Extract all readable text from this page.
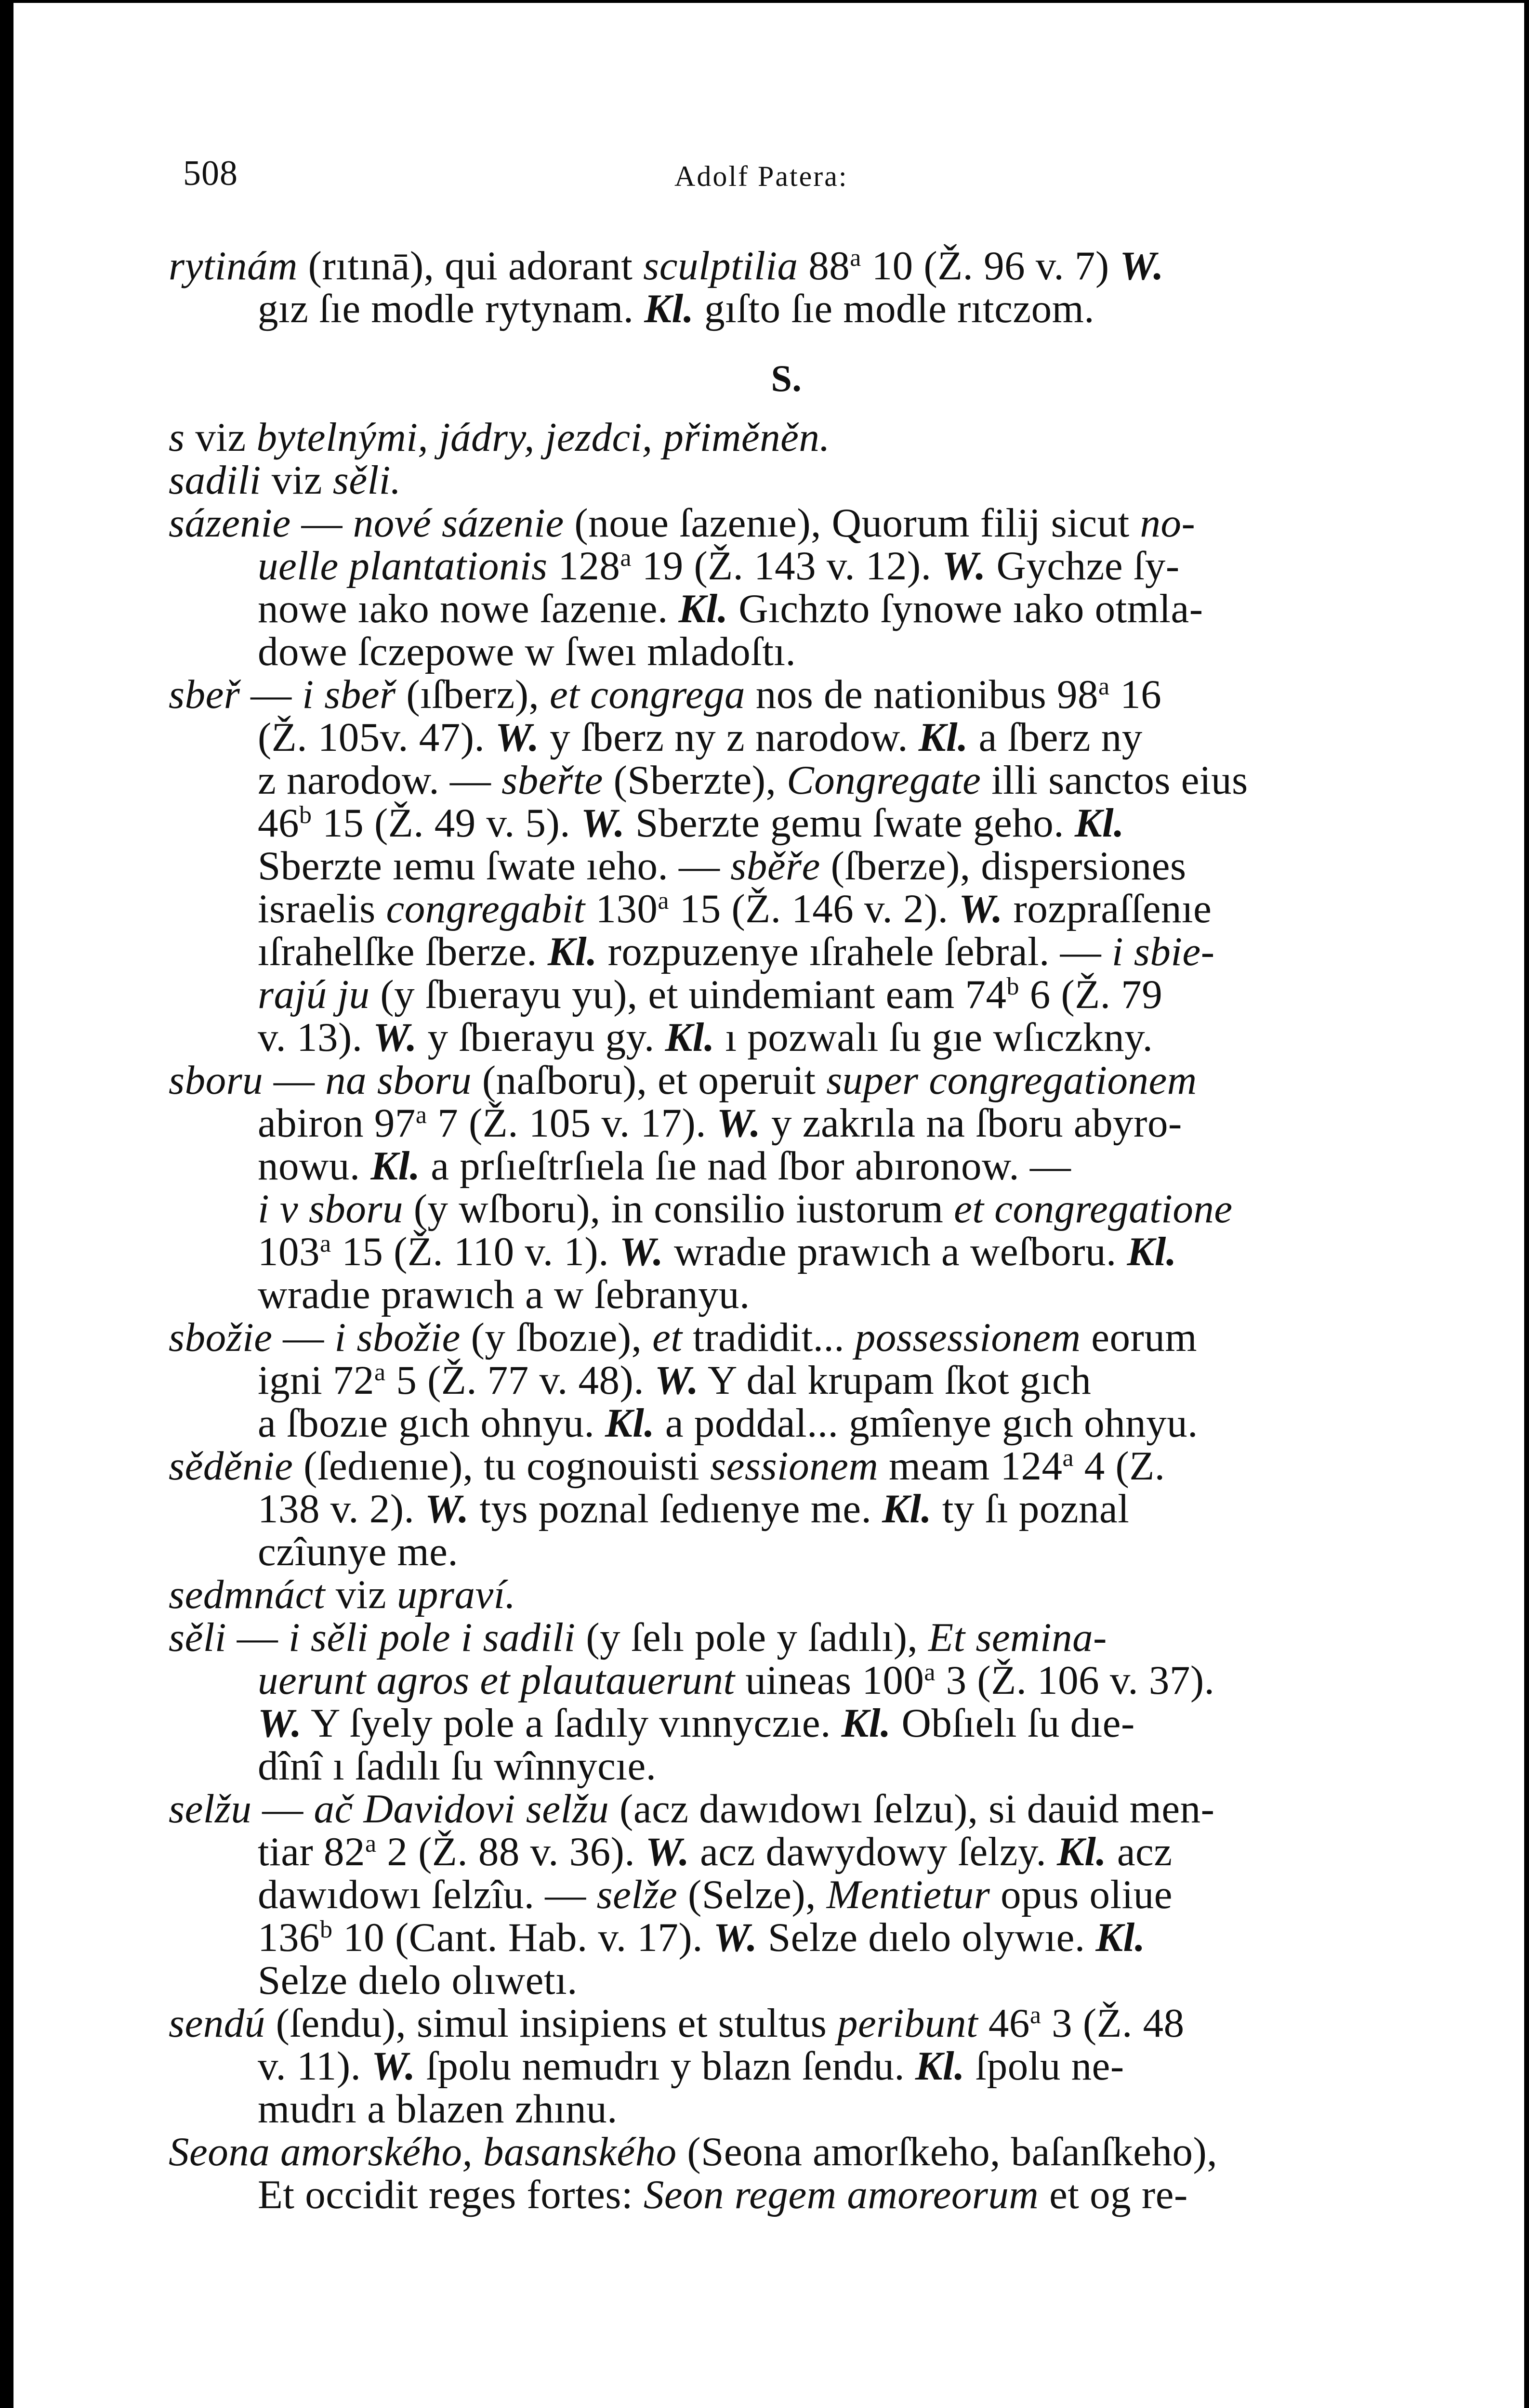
508	Adolf Patera:
rytinám (rıtınā), qui adorant sculptilia 88$^a$ 10 (Ž. 96 v. 7) W.
gız ſıe modle rytynam. Kl. gıſto ſıe modle rıtczom.
S.
s viz bytelnými, jádry, jezdci, přiměněn.
sadili viz sěli.
sázenie — nové sázenie (noue ſazenıe), Quorum filij sicut no-
uelle plantationis 128$^a$ 19 (Ž. 143 v. 12). W. Gychze ſy-
nowe ıako nowe ſazenıe. Kl. Gıchzto ſynowe ıako otmla-
dowe ſczepowe w ſweı mladoſtı.
sbeř — i sbeř (ıſberz), et congrega nos de nationibus 98$^a$ 16
(Ž. 105v. 47). W. y ſberz ny z narodow. Kl. a ſberz ny
z narodow. — sbeřte (Sberzte), Congregate illi sanctos eius
46$^b$ 15 (Ž. 49 v. 5). W. Sberzte gemu ſwate geho. Kl.
Sberzte ıemu ſwate ıeho. — sběře (ſberze), dispersiones
israelis congregabit 130$^a$ 15 (Ž. 146 v. 2). W. rozpraſſenıe
ıſrahelſke ſberze. Kl. rozpuzenye ıſrahele ſebral. — i sbie-
rajú ju (y ſbıerayu yu), et uindemiant eam 74$^b$ 6 (Ž. 79
v. 13). W. y ſbıerayu gy. Kl. ı pozwalı ſu gıe wſıczkny.
sboru — na sboru (naſboru), et operuit super congregationem
abiron 97$^a$ 7 (Ž. 105 v. 17). W. y zakrıla na ſboru abyro-
nowu. Kl. a prſıeſtrſıela ſıe nad ſbor abıronow. —
i v sboru (y wſboru), in consilio iustorum et congregatione
103$^a$ 15 (Ž. 110 v. 1). W. wradıe prawıch a weſboru. Kl.
wradıe prawıch a w ſebranyu.
sbožie — i sbožie (y ſbozıe), et tradidit... possessionem eorum
igni 72$^a$ 5 (Ž. 77 v. 48). W. Y dal krupam ſkot gıch
a ſbozıe gıch ohnyu. Kl. a poddal... gmîenye gıch ohnyu.
sěděnie (ſedıenıe), tu cognouisti sessionem meam 124$^a$ 4 (Z.
138 v. 2). W. tys poznal ſedıenye me. Kl. ty ſı poznal
czîunye me.
sedmnáct viz upraví.
sěli — i sěli pole i sadili (y ſelı pole y ſadılı), Et semina-
uerunt agros et plautauerunt uineas 100$^a$ 3 (Ž. 106 v. 37).
W. Y ſyely pole a ſadıly vınnyczıe. Kl. Obſıelı ſu dıe-
dînî ı ſadılı ſu wînnycıe.
selžu — ač Davidovi selžu (acz dawıdowı ſelzu), si dauid men-
tiar 82$^a$ 2 (Ž. 88 v. 36). W. acz dawydowy ſelzy. Kl. acz
dawıdowı ſelzîu. — selže (Selze), Mentietur opus oliue
136$^b$ 10 (Cant. Hab. v. 17). W. Selze dıelo olywıe. Kl.
Selze dıelo olıwetı.
sendú (ſendu), simul insipiens et stultus peribunt 46$^a$ 3 (Ž. 48
v. 11). W. ſpolu nemudrı y blazn ſendu. Kl. ſpolu ne-
mudrı a blazen zhınu.
Seona amorského, basanského (Seona amorſkeho, baſanſkeho),
Et occidit reges fortes: Seon regem amoreorum et og re-
